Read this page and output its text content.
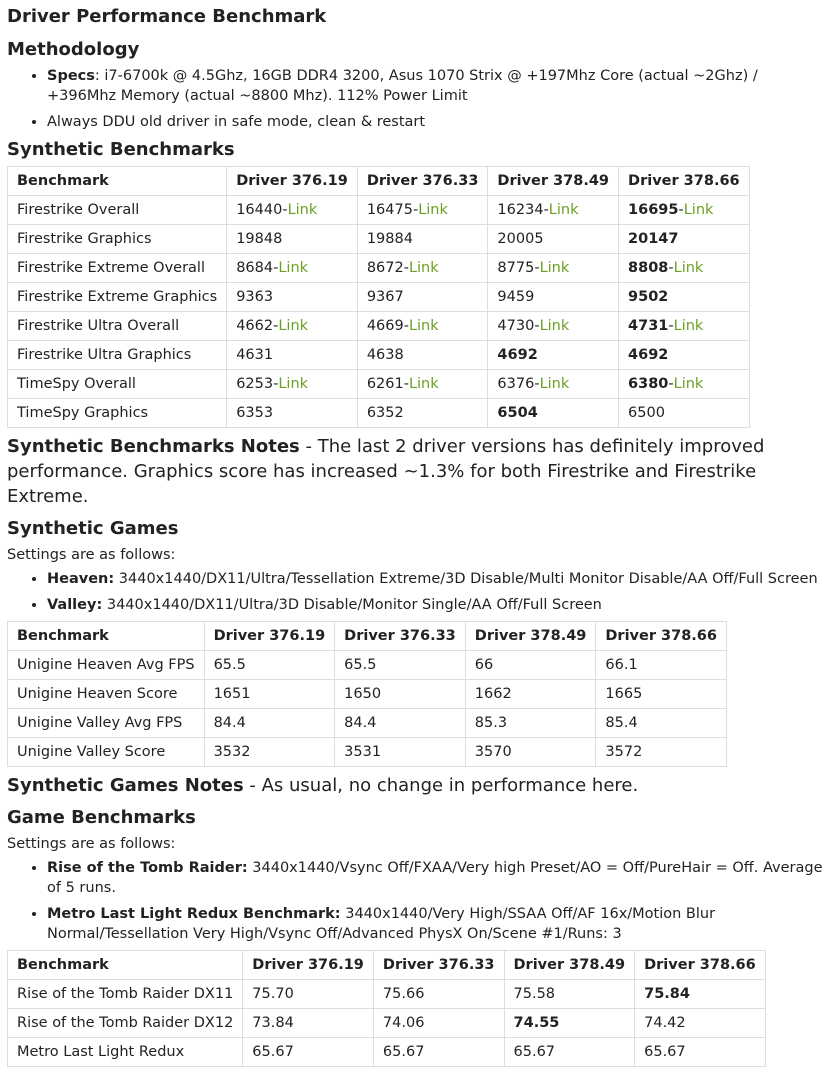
Driver Performance Benchmark
Methodology
• Specs: i7-6700k @ 4.5Ghz, 16GB DDR4 3200, Asus 1070 Strix @ +197Mhz Core (actual ~2Ghz) / +396Mhz Memory (actual ~8800 Mhz). 112% Power Limit
• Always DDU old driver in safe mode, clean & restart
Synthetic Benchmarks
Benchmark	Driver 376.19	Driver 376.33	Driver 378.49	Driver 378.66
Firestrike Overall	16440-Link	16475-Link	16234-Link	16695-Link
Firestrike Graphics	19848	19884	20005	20147
Firestrike Extreme Overall	8684-Link	8672-Link	8775-Link	8808-Link
Firestrike Extreme Graphics	9363	9367	9459	9502
Firestrike Ultra Overall	4662-Link	4669-Link	4730-Link	4731-Link
Firestrike Ultra Graphics	4631	4638	4692	4692
TimeSpy Overall	6253-Link	6261-Link	6376-Link	6380-Link
TimeSpy Graphics	6353	6352	6504	6500
Synthetic Benchmarks Notes - The last 2 driver versions has definitely improved performance. Graphics score has increased ~1.3% for both Firestrike and Firestrike Extreme.
Synthetic Games
Settings are as follows:
• Heaven: 3440x1440/DX11/Ultra/Tessellation Extreme/3D Disable/Multi Monitor Disable/AA Off/Full Screen
• Valley: 3440x1440/DX11/Ultra/3D Disable/Monitor Single/AA Off/Full Screen
Benchmark	Driver 376.19	Driver 376.33	Driver 378.49	Driver 378.66
Unigine Heaven Avg FPS	65.5	65.5	66	66.1
Unigine Heaven Score	1651	1650	1662	1665
Unigine Valley Avg FPS	84.4	84.4	85.3	85.4
Unigine Valley Score	3532	3531	3570	3572
Synthetic Games Notes - As usual, no change in performance here.
Game Benchmarks
Settings are as follows:
• Rise of the Tomb Raider: 3440x1440/Vsync Off/FXAA/Very high Preset/AO = Off/PureHair = Off. Average of 5 runs.
• Metro Last Light Redux Benchmark: 3440x1440/Very High/SSAA Off/AF 16x/Motion Blur Normal/Tessellation Very High/Vsync Off/Advanced PhysX On/Scene #1/Runs: 3
Benchmark	Driver 376.19	Driver 376.33	Driver 378.49	Driver 378.66
Rise of the Tomb Raider DX11	75.70	75.66	75.58	75.84
Rise of the Tomb Raider DX12	73.84	74.06	74.55	74.42
Metro Last Light Redux	65.67	65.67	65.67	65.67
